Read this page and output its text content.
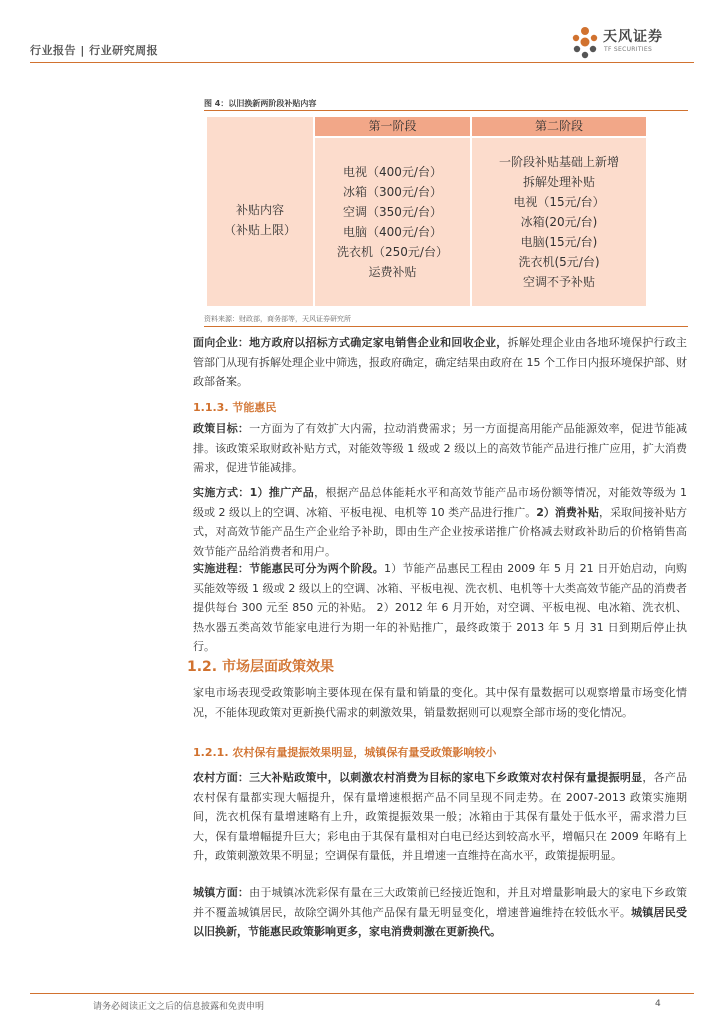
行业报告 | 行业研究周报
天风证券
TF SECURITIES
图 4：以旧换新两阶段补贴内容
补贴内容
（补贴上限）
第一阶段	第二阶段
电视（400元/台）
冰箱（300元/台）
空调（350元/台）
电脑（400元/台）
洗衣机（250元/台）
运费补贴
一阶段补贴基础上新增
拆解处理补贴
电视（15元/台）
冰箱(20元/台)
电脑(15元/台)
洗衣机(5元/台)
空调不予补贴
资料来源：财政部，商务部等，天风证券研究所
面向企业：地方政府以招标方式确定家电销售企业和回收企业，拆解处理企业由各地环境保护行政主管部门从现有拆解处理企业中筛选，报政府确定，确定结果由政府在 15 个工作日内报环境保护部、财政部备案。
1.1.3. 节能惠民
政策目标：一方面为了有效扩大内需，拉动消费需求；另一方面提高用能产品能源效率，促进节能减排。该政策采取财政补贴方式，对能效等级 1 级或 2 级以上的高效节能产品进行推广应用，扩大消费需求，促进节能减排。
实施方式：1）推广产品，根据产品总体能耗水平和高效节能产品市场份额等情况，对能效等级为 1 级或 2 级以上的空调、冰箱、平板电视、电机等 10 类产品进行推广。2）消费补贴，采取间接补贴方式，对高效节能产品生产企业给予补助，即由生产企业按承诺推广价格减去财政补助后的价格销售高效节能产品给消费者和用户。
实施进程：节能惠民可分为两个阶段。1）节能产品惠民工程由 2009 年 5 月 21 日开始启动，向购买能效等级 1 级或 2 级以上的空调、冰箱、平板电视、洗衣机、电机等十大类高效节能产品的消费者提供每台 300 元至 850 元的补贴。 2）2012 年 6 月开始，对空调、平板电视、电冰箱、洗衣机、热水器五类高效节能家电进行为期一年的补贴推广，最终政策于 2013 年 5 月 31 日到期后停止执行。
1.2. 市场层面政策效果
家电市场表现受政策影响主要体现在保有量和销量的变化。其中保有量数据可以观察增量市场变化情况，不能体现政策对更新换代需求的刺激效果，销量数据则可以观察全部市场的变化情况。
1.2.1. 农村保有量提振效果明显，城镇保有量受政策影响较小
农村方面：三大补贴政策中，以刺激农村消费为目标的家电下乡政策对农村保有量提振明显，各产品农村保有量都实现大幅提升，保有量增速根据产品不同呈现不同走势。在 2007-2013 政策实施期间，洗衣机保有量增速略有上升，政策提振效果一般；冰箱由于其保有量处于低水平，需求潜力巨大，保有量增幅提升巨大；彩电由于其保有量相对白电已经达到较高水平，增幅只在 2009 年略有上升，政策刺激效果不明显；空调保有量低，并且增速一直维持在高水平，政策提振明显。
城镇方面：由于城镇冰洗彩保有量在三大政策前已经接近饱和，并且对增量影响最大的家电下乡政策并不覆盖城镇居民，故除空调外其他产品保有量无明显变化，增速普遍维持在较低水平。城镇居民受以旧换新，节能惠民政策影响更多，家电消费刺激在更新换代。
请务必阅读正文之后的信息披露和免责申明	4
